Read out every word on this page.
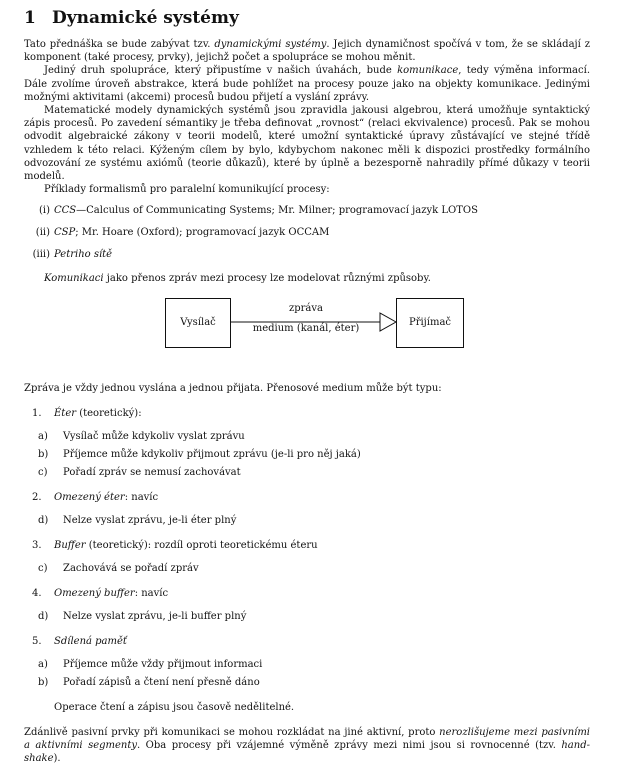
1 Dynamické systémy

Tato přednáška se bude zabývat tzv. dynamickými systémy. Jejich dynamičnost spočívá v tom, že se skládají z komponent (také procesy, prvky), jejichž počet a spolupráce se mohou měnit.

Jediný druh spolupráce, který připustíme v našich úvahách, bude komunikace, tedy výměna informací. Dále zvolíme úroveň abstrakce, která bude pohlížet na procesy pouze jako na objekty komunikace. Jedinými možnými aktivitami (akcemi) procesů budou přijetí a vyslání zprávy.

Matematické modely dynamických systémů jsou zpravidla jakousi algebrou, která umožňuje syntaktický zápis procesů. Po zavedení sémantiky je třeba definovat „rovnost“ (relaci ekvivalence) procesů. Pak se mohou odvodit algebraické zákony v teorii modelů, které umožní syntaktické úpravy zůstávající ve stejné třídě vzhledem k této relaci. Kýženým cílem by bylo, kdybychom nakonec měli k dispozici prostředky formálního odvozování ze systému axiómů (teorie důkazů), které by úplně a bezesporně nahradily přímé důkazy v teorii modelů.

Příklady formalismů pro paralelní komunikující procesy:

(i) CCS—Calculus of Communicating Systems; Mr. Milner; programovací jazyk LOTOS
(ii) CSP; Mr. Hoare (Oxford); programovací jazyk OCCAM
(iii) Petriho sítě

Komunikaci jako přenos zpráv mezi procesy lze modelovat různými způsoby.

Vysílač	Přijímač
zpráva
medium (kanál, éter)

Zpráva je vždy jednou vyslána a jednou přijata. Přenosové medium může být typu:

1. Éter (teoretický):
a) Vysílač může kdykoliv vyslat zprávu
b) Příjemce může kdykoliv přijmout zprávu (je-li pro něj jaká)
c) Pořadí zpráv se nemusí zachovávat
2. Omezený éter: navíc
d) Nelze vyslat zprávu, je-li éter plný
3. Buffer (teoretický): rozdíl oproti teoretickému éteru
c) Zachovává se pořadí zpráv
4. Omezený buffer: navíc
d) Nelze vyslat zprávu, je-li buffer plný
5. Sdílená paměť
a) Příjemce může vždy přijmout informaci
b) Pořadí zápisů a čtení není přesně dáno
Operace čtení a zápisu jsou časově nedělitelné.

Zdánlivě pasivní prvky při komunikaci se mohou rozkládat na jiné aktivní, proto nerozlišujeme mezi pasivními a aktivními segmenty. Oba procesy při vzájemné výměně zprávy mezi nimi jsou si rovnocenné (tzv. hand-shake).
